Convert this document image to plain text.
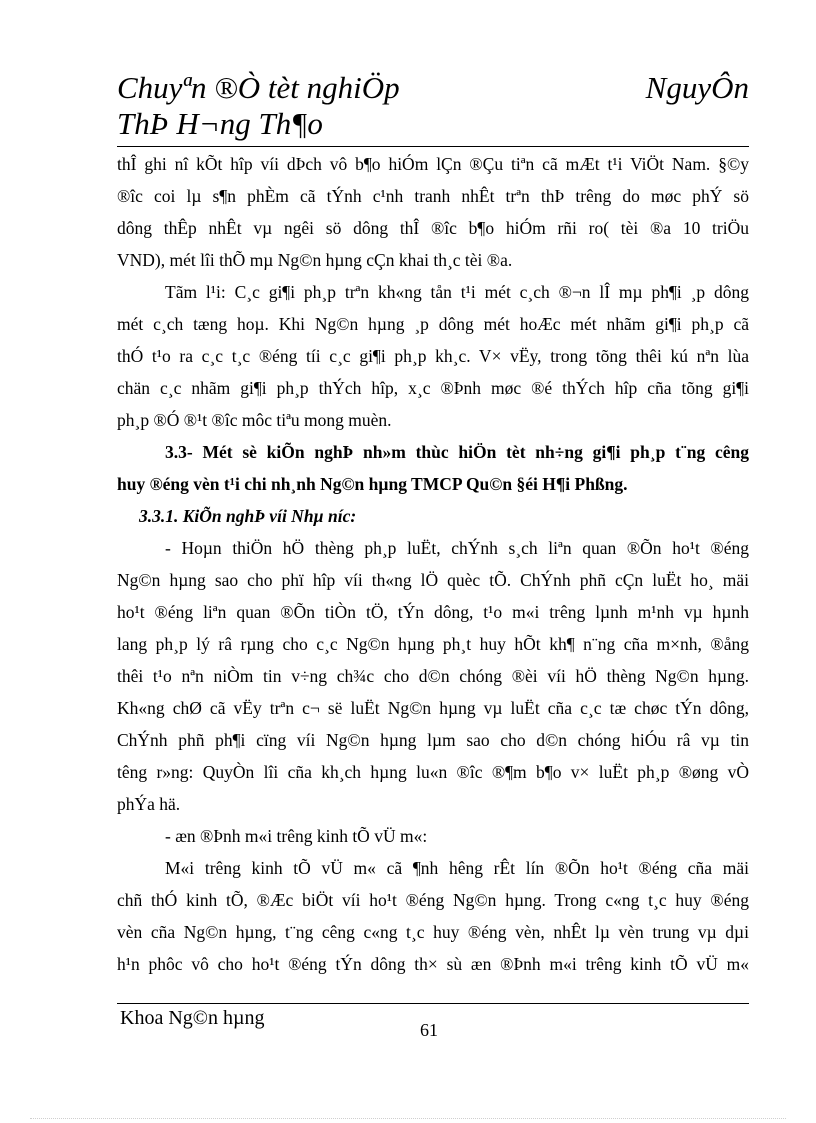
Chuyªn ®Ò tèt nghiÖp	NguyÔn
ThÞ H¬ng Th¶o

thÎ ghi nî kÕt hîp víi dÞch vô b¶o hiÓm lÇn ®Çu tiªn cã mÆt t¹i ViÖt Nam. §©y
®îc coi lµ s¶n phÈm cã tÝnh c¹nh tranh nhÊt trªn thÞ trêng do møc phÝ sö
dông thÊp nhÊt vµ ngêi sö dông thÎ ®îc b¶o hiÓm rñi ro( tèi ®a 10 triÖu
VND), mét lîi thÕ mµ Ng©n hµng cÇn khai th¸c tèi ®a.

Tãm l¹i: C¸c gi¶i ph¸p trªn kh«ng tån t¹i mét c¸ch ®¬n lÎ mµ ph¶i ¸p dông
mét c¸ch tæng hoµ. Khi Ng©n hµng ¸p dông mét hoÆc mét nhãm gi¶i ph¸p cã
thÓ t¹o ra c¸c t¸c ®éng tíi c¸c gi¶i ph¸p kh¸c. V× vËy, trong tõng thêi kú nªn lùa
chän c¸c nhãm gi¶i ph¸p thÝch hîp, x¸c ®Þnh møc ®é thÝch hîp cña tõng gi¶i
ph¸p ®Ó ®¹t ®îc môc tiªu mong muèn.

3.3- Mét sè kiÕn nghÞ nh»m thùc hiÖn tèt nh÷ng gi¶i ph¸p t¨ng cêng
huy ®éng vèn t¹i chi nh¸nh Ng©n hµng TMCP Qu©n §éi H¶i Phßng.

3.3.1. KiÕn nghÞ víi Nhµ níc:

- Hoµn thiÖn hÖ thèng ph¸p luËt, chÝnh s¸ch liªn quan ®Õn ho¹t ®éng
Ng©n hµng sao cho phï hîp víi th«ng lÖ quèc tÕ. ChÝnh phñ cÇn luËt ho¸ mäi
ho¹t ®éng liªn quan ®Õn tiÒn tÖ, tÝn dông, t¹o m«i trêng lµnh m¹nh vµ hµnh
lang ph¸p lý râ rµng cho c¸c Ng©n hµng ph¸t huy hÕt kh¶ n¨ng cña m×nh, ®ång
thêi t¹o nªn niÒm tin v÷ng ch¾c cho d©n chóng ®èi víi hÖ thèng Ng©n hµng.
Kh«ng chØ cã vËy trªn c¬ së luËt Ng©n hµng vµ luËt cña c¸c tæ chøc tÝn dông,
ChÝnh phñ ph¶i cïng víi Ng©n hµng lµm sao cho d©n chóng hiÓu râ vµ tin
têng r»ng: QuyÒn lîi cña kh¸ch hµng lu«n ®îc ®¶m b¶o v× luËt ph¸p ®øng vÒ
phÝa hä.

- æn ®Þnh m«i trêng kinh tÕ vÜ m«:

M«i trêng kinh tÕ vÜ m« cã ¶nh hêng rÊt lín ®Õn ho¹t ®éng cña mäi
chñ thÓ kinh tÕ, ®Æc biÖt víi ho¹t ®éng Ng©n hµng. Trong c«ng t¸c huy ®éng
vèn cña Ng©n hµng, t¨ng cêng c«ng t¸c huy ®éng vèn, nhÊt lµ vèn trung vµ dµi
h¹n phôc vô cho ho¹t ®éng tÝn dông th× sù æn ®Þnh m«i trêng kinh tÕ vÜ m«

Khoa Ng©n hµng
61
